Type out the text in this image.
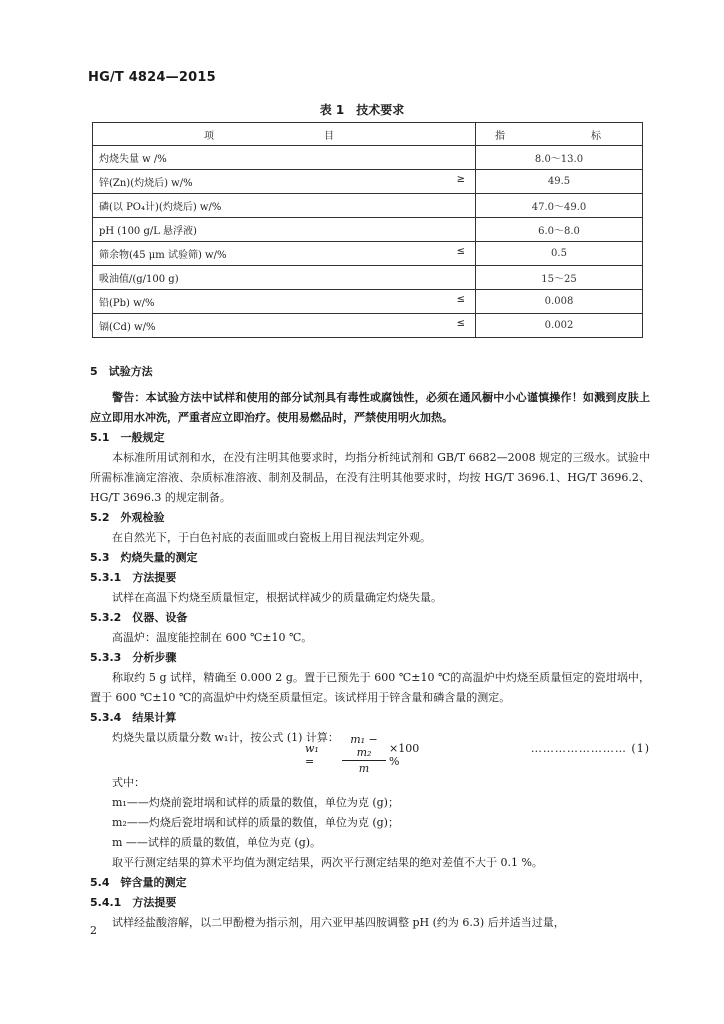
HG/T 4824—2015
表 1　技术要求
项　　目	指　　标
灼烧失量 w /%	8.0～13.0
锌(Zn)(灼烧后) w/% ≥	49.5
磷(以 PO₄计)(灼烧后) w/%	47.0～49.0
pH (100 g/L 悬浮液)	6.0～8.0
筛余物(45 μm 试验筛) w/% ≤	0.5
吸油值/(g/100 g)	15～25
铅(Pb) w/% ≤	0.008
镉(Cd) w/% ≤	0.002
5　试验方法
警告：本试验方法中试样和使用的部分试剂具有毒性或腐蚀性，必须在通风橱中小心谨慎操作！如溅到皮肤上应立即用水冲洗，严重者应立即治疗。使用易燃品时，严禁使用明火加热。
5.1　一般规定
本标准所用试剂和水，在没有注明其他要求时，均指分析纯试剂和 GB/T 6682—2008 规定的三级水。试验中所需标准滴定溶液、杂质标准溶液、制剂及制品，在没有注明其他要求时，均按 HG/T 3696.1、HG/T 3696.2、HG/T 3696.3 的规定制备。
5.2　外观检验
在自然光下，于白色衬底的表面皿或白瓷板上用目视法判定外观。
5.3　灼烧失量的测定
5.3.1　方法提要
试样在高温下灼烧至质量恒定，根据试样减少的质量确定灼烧失量。
5.3.2　仪器、设备
高温炉：温度能控制在 600 ℃±10 ℃。
5.3.3　分析步骤
称取约 5 g 试样，精确至 0.000 2 g。置于已预先于 600 ℃±10 ℃的高温炉中灼烧至质量恒定的瓷坩埚中，置于 600 ℃±10 ℃的高温炉中灼烧至质量恒定。该试样用于锌含量和磷含量的测定。
5.3.4　结果计算
灼烧失量以质量分数 w₁计，按公式 (1) 计算：
w₁ =	$\frac{\text{m₁ − m₂}}{m} \times 100$ %
…………………… (1)
式中：
m₁——灼烧前瓷坩埚和试样的质量的数值，单位为克 (g)；
m₂——灼烧后瓷坩埚和试样的质量的数值，单位为克 (g)；
m ——试样的质量的数值，单位为克 (g)。
取平行测定结果的算术平均值为测定结果，两次平行测定结果的绝对差值不大于 0.1 %。
5.4　锌含量的测定
5.4.1　方法提要
试样经盐酸溶解，以二甲酚橙为指示剂，用六亚甲基四胺调整 pH (约为 6.3) 后并适当过量，
2
